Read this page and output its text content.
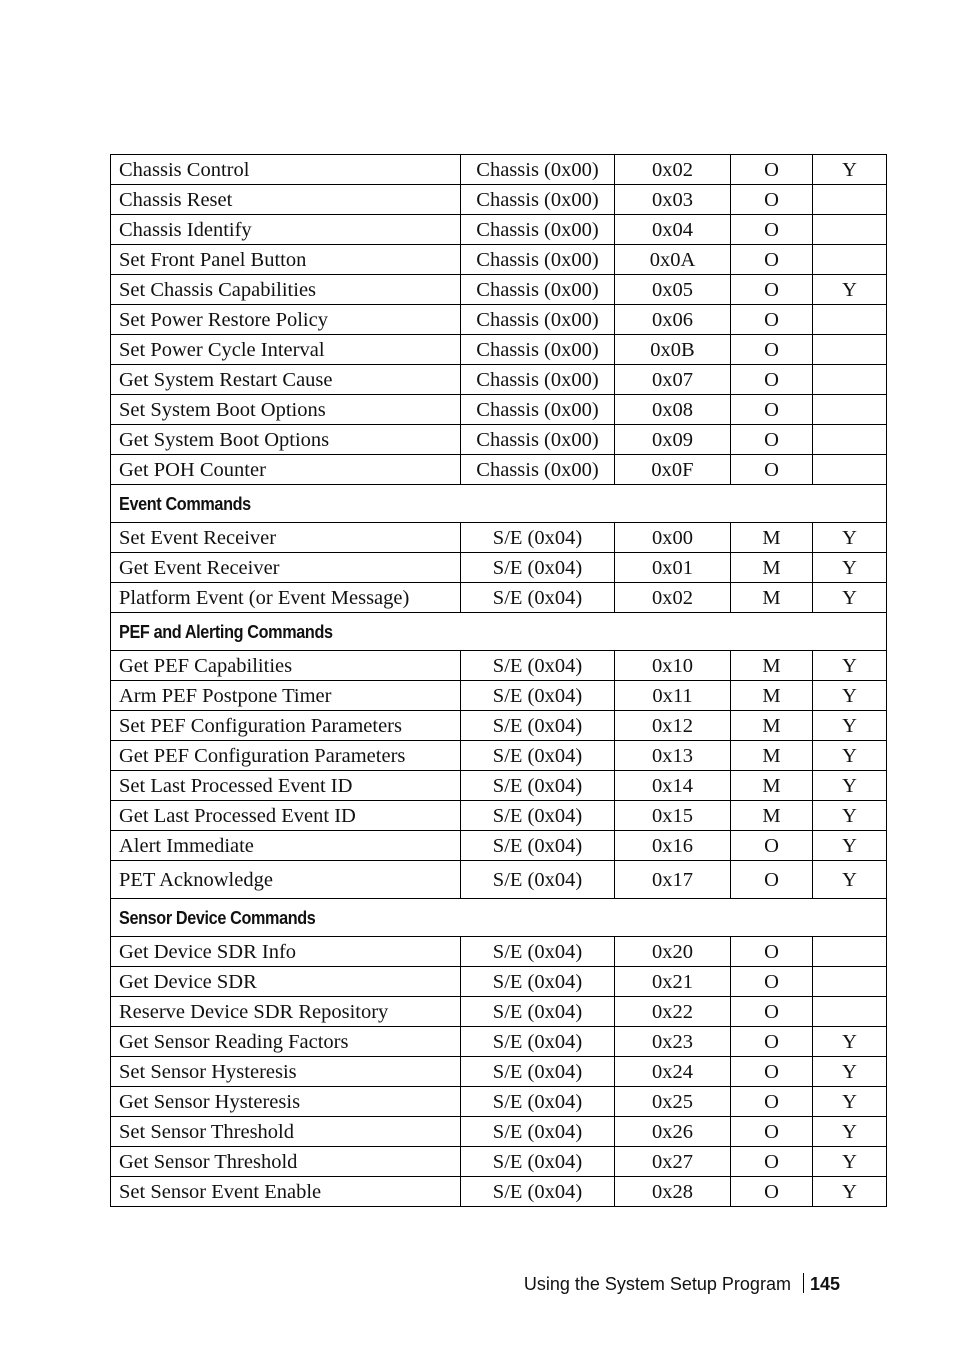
Chassis Control	Chassis (0x00)	0x02	O	Y
Chassis Reset	Chassis (0x00)	0x03	O	
Chassis Identify	Chassis (0x00)	0x04	O	
Set Front Panel Button	Chassis (0x00)	0x0A	O	
Set Chassis Capabilities	Chassis (0x00)	0x05	O	Y
Set Power Restore Policy	Chassis (0x00)	0x06	O	
Set Power Cycle Interval	Chassis (0x00)	0x0B	O	
Get System Restart Cause	Chassis (0x00)	0x07	O	
Set System Boot Options	Chassis (0x00)	0x08	O	
Get System Boot Options	Chassis (0x00)	0x09	O	
Get POH Counter	Chassis (0x00)	0x0F	O	
Event Commands				
Set Event Receiver	S/E (0x04)	0x00	M	Y
Get Event Receiver	S/E (0x04)	0x01	M	Y
Platform Event (or Event Message)	S/E (0x04)	0x02	M	Y
PEF and Alerting Commands				
Get PEF Capabilities	S/E (0x04)	0x10	M	Y
Arm PEF Postpone Timer	S/E (0x04)	0x11	M	Y
Set PEF Configuration Parameters	S/E (0x04)	0x12	M	Y
Get PEF Configuration Parameters	S/E (0x04)	0x13	M	Y
Set Last Processed Event ID	S/E (0x04)	0x14	M	Y
Get Last Processed Event ID	S/E (0x04)	0x15	M	Y
Alert Immediate	S/E (0x04)	0x16	O	Y
PET Acknowledge	S/E (0x04)	0x17	O	Y
Sensor Device Commands				
Get Device SDR Info	S/E (0x04)	0x20	O	
Get Device SDR	S/E (0x04)	0x21	O	
Reserve Device SDR Repository	S/E (0x04)	0x22	O	
Get Sensor Reading Factors	S/E (0x04)	0x23	O	Y
Set Sensor Hysteresis	S/E (0x04)	0x24	O	Y
Get Sensor Hysteresis	S/E (0x04)	0x25	O	Y
Set Sensor Threshold	S/E (0x04)	0x26	O	Y
Get Sensor Threshold	S/E (0x04)	0x27	O	Y
Set Sensor Event Enable	S/E (0x04)	0x28	O	Y
Using the System Setup Program 145
